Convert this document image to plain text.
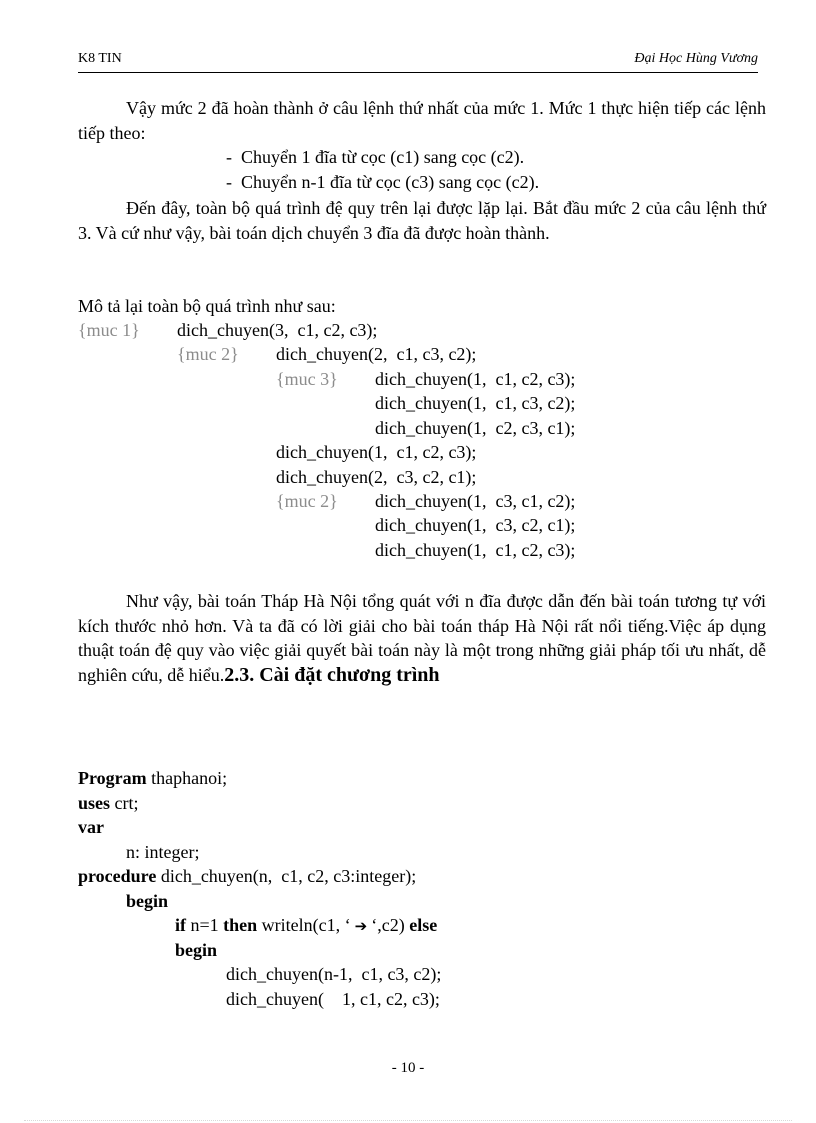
K8 TIN	Đại Học Hùng Vương
Vậy mức 2 đã hoàn thành ở câu lệnh thứ nhất của mức 1. Mức 1 thực hiện tiếp các lệnh tiếp theo:
- Chuyển 1 đĩa từ cọc (c1) sang cọc (c2).
- Chuyển n-1 đĩa từ cọc (c3) sang cọc (c2).
Đến đây, toàn bộ quá trình đệ quy trên lại được lặp lại. Bắt đầu mức 2 của câu lệnh thứ 3. Và cứ như vậy, bài toán dịch chuyển 3 đĩa đã được hoàn thành.
Mô tả lại toàn bộ quá trình như sau:
{muc 1} dich_chuyen(3,  c1, c2, c3);
{muc 2} dich_chuyen(2,  c1, c3, c2);
{muc 3} dich_chuyen(1,  c1, c2, c3);
dich_chuyen(1,  c1, c3, c2);
dich_chuyen(1,  c2, c3, c1);
dich_chuyen(1,  c1, c2, c3);
dich_chuyen(2,  c3, c2, c1);
{muc 2} dich_chuyen(1,  c3, c1, c2);
dich_chuyen(1,  c3, c2, c1);
dich_chuyen(1,  c1, c2, c3);
Như vậy, bài toán Tháp Hà Nội tổng quát với n đĩa được dẫn đến bài toán tương tự với kích thước nhỏ hơn. Và ta đã có lời giải cho bài toán tháp Hà Nội rất nổi tiếng.Việc áp dụng thuật toán đệ quy vào việc giải quyết bài toán này là một trong những giải pháp tối ưu nhất, dễ nghiên cứu, dễ hiểu.2.3. Cài đặt chương trình
Program thaphanoi;
uses crt;
var
n: integer;
procedure dich_chuyen(n,  c1, c2, c3:integer);
begin
if n=1 then writeln(c1, ‘ ➔ ‘,c2) else
begin
dich_chuyen(n-1,  c1, c3, c2);
dich_chuyen(    1, c1, c2, c3);
- 10 -
